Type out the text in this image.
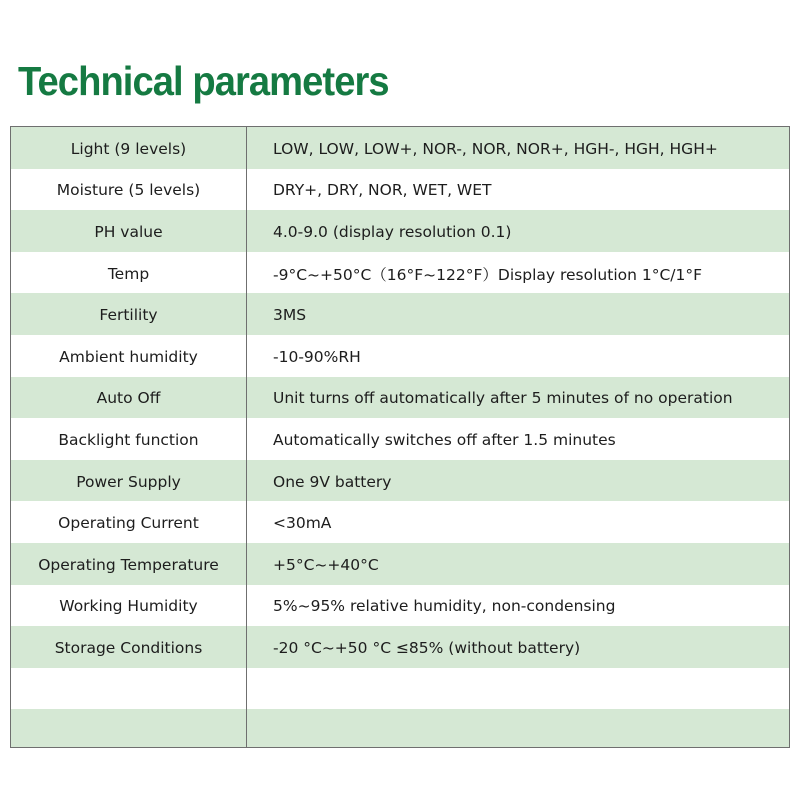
Technical parameters
Light (9 levels)	LOW, LOW, LOW+, NOR-, NOR, NOR+, HGH-, HGH, HGH+
Moisture (5 levels)	DRY+, DRY, NOR, WET, WET
PH value	4.0-9.0 (display resolution 0.1)
Temp	-9°C~+50°C（16°F~122°F）Display resolution 1°C/1°F
Fertility	3MS
Ambient humidity	-10-90%RH
Auto Off	Unit turns off automatically after 5 minutes of no operation
Backlight function	Automatically switches off after 1.5 minutes
Power Supply	One 9V battery
Operating Current	<30mA
Operating Temperature	+5°C~+40°C
Working Humidity	5%~95% relative humidity, non-condensing
Storage Conditions	-20 °C~+50 °C ≤85% (without battery)
